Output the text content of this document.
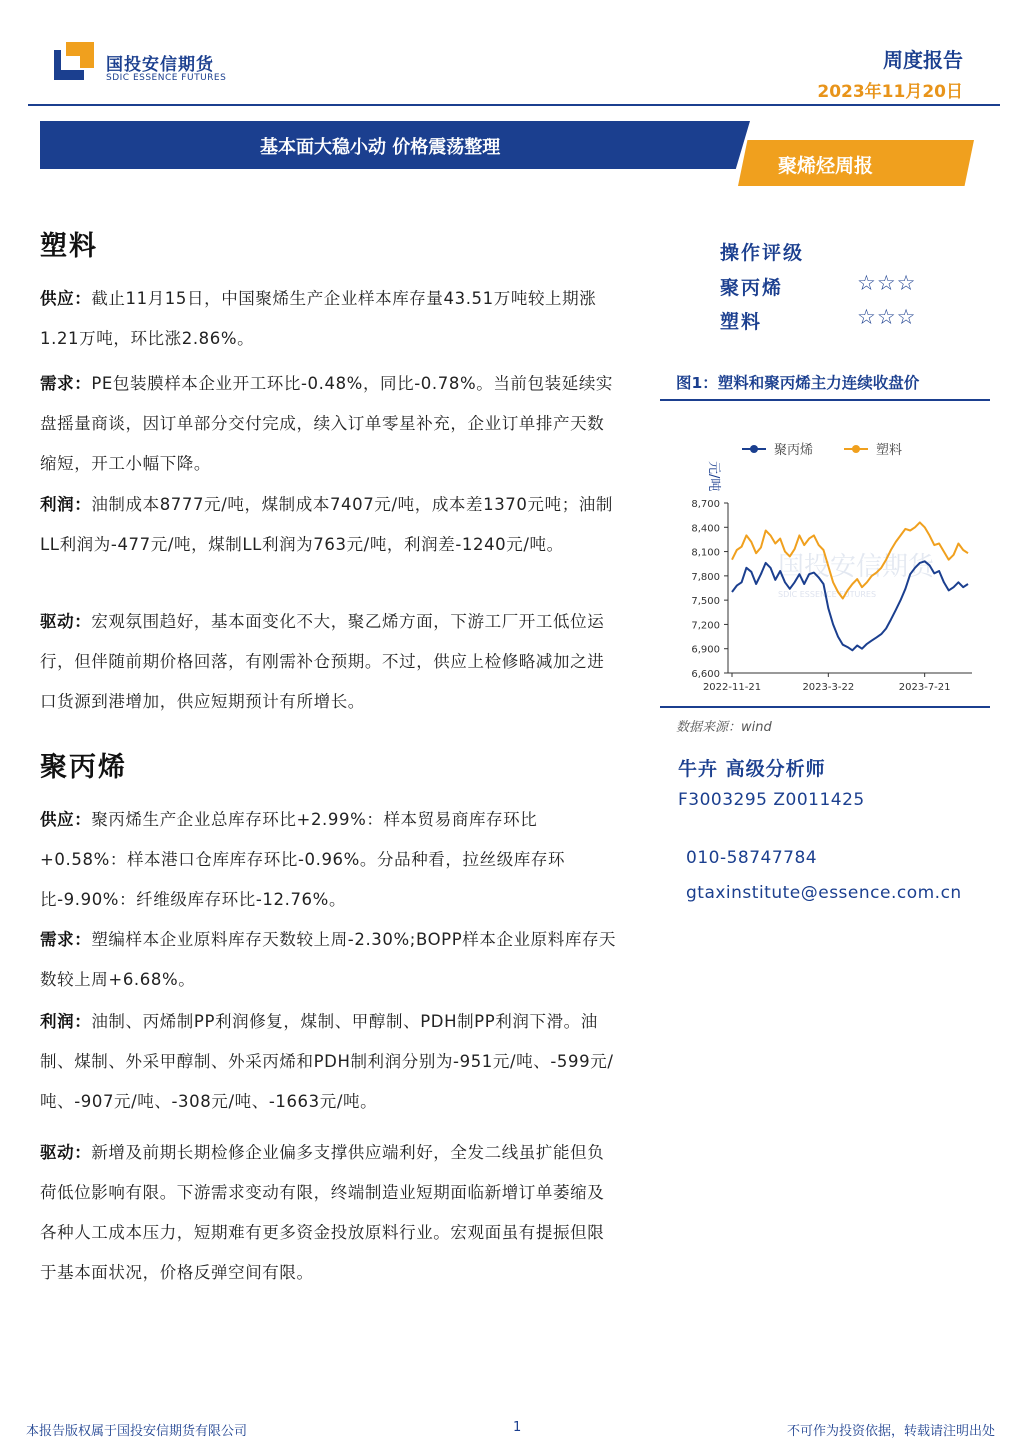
国投安信期货
SDIC ESSENCE FUTURES
周度报告
2023年11月20日
基本面大稳小动 价格震荡整理
聚烯烃周报
塑料
供应：截止11月15日，中国聚烯生产企业样本库存量43.51万吨较上期涨1.21万吨，环比涨2.86%。
需求：PE包装膜样本企业开工环比-0.48%，同比-0.78%。当前包装延续实盘摇量商谈，因订单部分交付完成，续入订单零星补充，企业订单排产天数缩短，开工小幅下降。
利润：油制成本8777元/吨，煤制成本7407元/吨，成本差1370元吨；油制LL利润为-477元/吨，煤制LL利润为763元/吨，利润差-1240元/吨。
驱动：宏观氛围趋好，基本面变化不大，聚乙烯方面，下游工厂开工低位运行，但伴随前期价格回落，有刚需补仓预期。不过，供应上检修略减加之进口货源到港增加，供应短期预计有所增长。
聚丙烯
供应：聚丙烯生产企业总库存环比+2.99%：样本贸易商库存环比+0.58%：样本港口仓库库存环比-0.96%。分品种看，拉丝级库存环比-9.90%：纤维级库存环比-12.76%。
需求：塑编样本企业原料库存天数较上周-2.30%;BOPP样本企业原料库存天数较上周+6.68%。
利润：油制、丙烯制PP利润修复，煤制、甲醇制、PDH制PP利润下滑。油制、煤制、外采甲醇制、外采丙烯和PDH制利润分别为-951元/吨、-599元/吨、-907元/吨、-308元/吨、-1663元/吨。
驱动：新增及前期长期检修企业偏多支撑供应端利好，全发二线虽扩能但负荷低位影响有限。下游需求变动有限，终端制造业短期面临新增订单萎缩及各种人工成本压力，短期难有更多资金投放原料行业。宏观面虽有提振但限于基本面状况，价格反弹空间有限。
操作评级
聚丙烯	☆☆☆
塑料	☆☆☆
图1：塑料和聚丙烯主力连续收盘价
国投安信期货
SDIC ESSENCE FUTURES
聚丙烯	塑料
元/吨
8,700
8,400
8,100
7,800
7,500
7,200
6,900
6,600
2022-11-21	2023-3-22	2023-7-21
数据来源：wind
牛卉 高级分析师
F3003295 Z0011425
010-58747784
gtaxinstitute@essence.com.cn
本报告版权属于国投安信期货有限公司	1	不可作为投资依据，转载请注明出处
